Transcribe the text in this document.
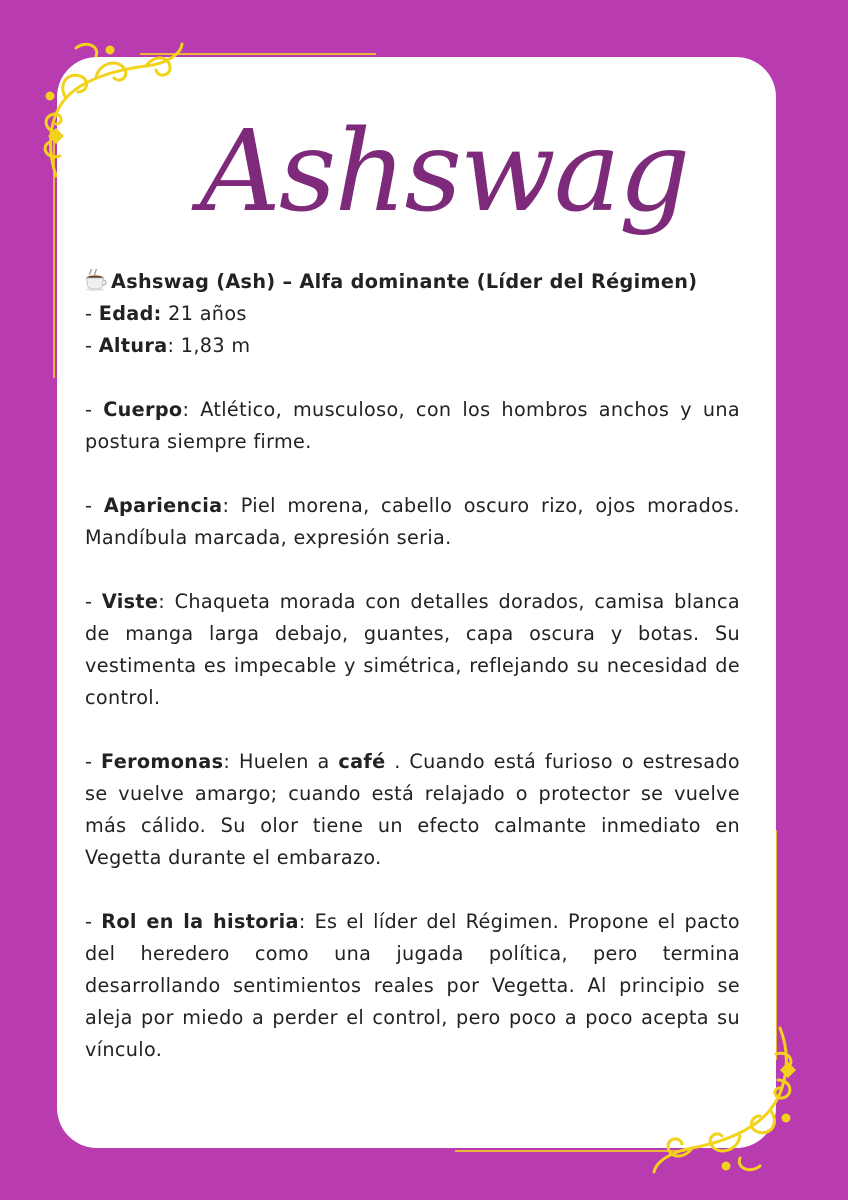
Ashswag

Ashswag (Ash) – Alfa dominante (Líder del Régimen)

- Edad: 21 años

- Altura: 1,83 m

- Cuerpo: Atlético, musculoso, con los hombros anchos y una postura siempre firme.

- Apariencia: Piel morena, cabello oscuro rizo, ojos morados. Mandíbula marcada, expresión seria.

- Viste: Chaqueta morada con detalles dorados, camisa blanca de manga larga debajo, guantes, capa oscura y botas. Su vestimenta es impecable y simétrica, reflejando su necesidad de control.

- Feromonas: Huelen a café . Cuando está furioso o estresado se vuelve amargo; cuando está relajado o protector se vuelve más cálido. Su olor tiene un efecto calmante inmediato en Vegetta durante el embarazo.

- Rol en la historia: Es el líder del Régimen. Propone el pacto del heredero como una jugada política, pero termina desarrollando sentimientos reales por Vegetta. Al principio se aleja por miedo a perder el control, pero poco a poco acepta su vínculo.
